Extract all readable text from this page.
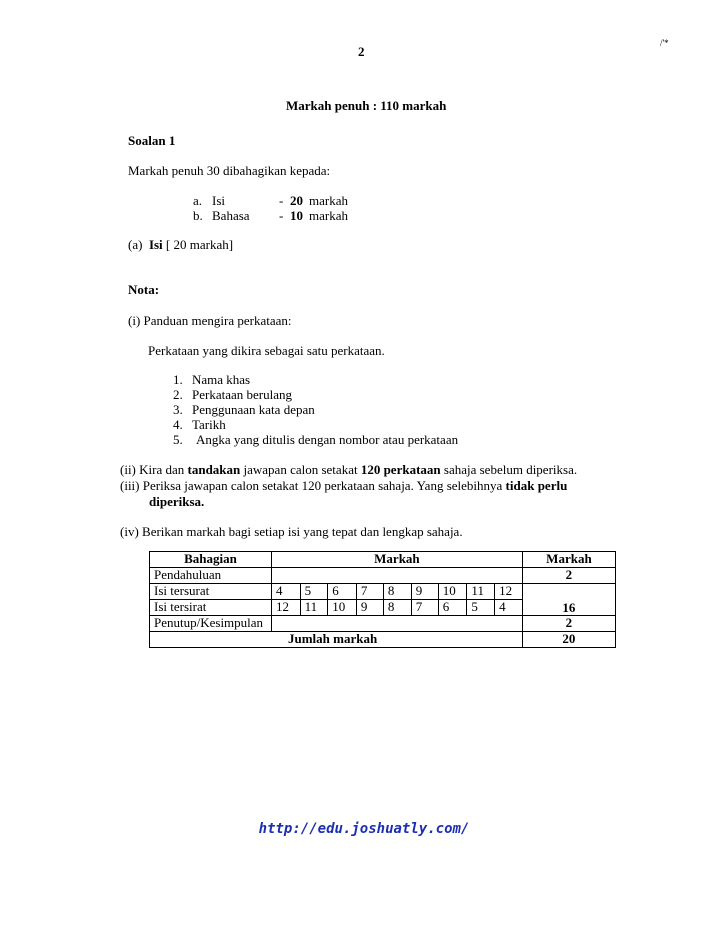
/'*
2
Markah penuh : 110 markah
Soalan 1
Markah penuh 30 dibahagikan kepada:
a. Isi	- 20 markah
b. Bahasa - 10 markah
(a) Isi [ 20 markah]
Nota:
(i) Panduan mengira perkataan:
Perkataan yang dikira sebagai satu perkataan.
1. Nama khas
2. Perkataan berulang
3. Penggunaan kata depan
4. Tarikh
5. Angka yang ditulis dengan nombor atau perkataan
(ii) Kira dan tandakan jawapan calon setakat 120 perkataan sahaja sebelum diperiksa.
(iii) Periksa jawapan calon setakat 120 perkataan sahaja. Yang selebihnya tidak perlu
diperiksa.
(iv) Berikan markah bagi setiap isi yang tepat dan lengkap sahaja.
Bahagian	Markah									Markah
Pendahuluan										2
Isi tersurat	4	5	6	7	8	9	10	11	12	16
Isi tersirat	12	11	10	9	8	7	6	5	4	
Penutup/Kesimpulan										2
Jumlah markah										20
http://edu.joshuatly.com/
